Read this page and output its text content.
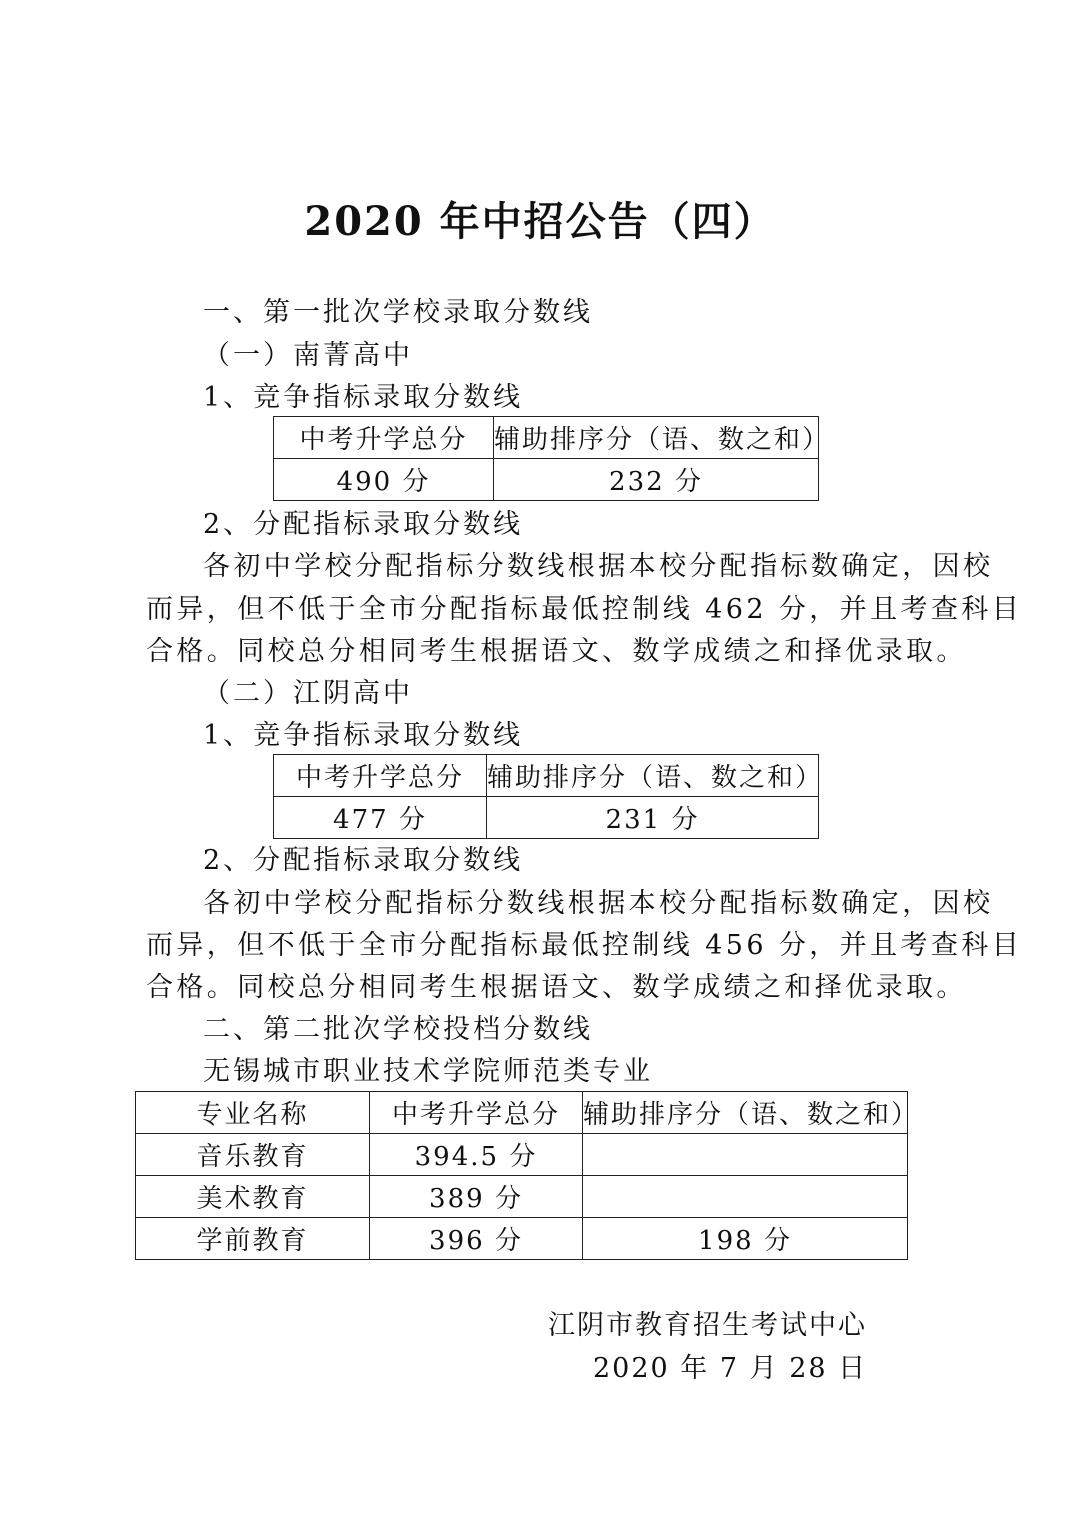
2020 年中招公告（四）
一、第一批次学校录取分数线
（一）南菁高中
1、竞争指标录取分数线
中考升学总分	辅助排序分（语、数之和）
490 分	232 分
2、分配指标录取分数线
各初中学校分配指标分数线根据本校分配指标数确定，因校
而异，但不低于全市分配指标最低控制线 462 分，并且考查科目
合格。同校总分相同考生根据语文、数学成绩之和择优录取。
（二）江阴高中
1、竞争指标录取分数线
中考升学总分	辅助排序分（语、数之和）
477 分	231 分
2、分配指标录取分数线
各初中学校分配指标分数线根据本校分配指标数确定，因校
而异，但不低于全市分配指标最低控制线 456 分，并且考查科目
合格。同校总分相同考生根据语文、数学成绩之和择优录取。
二、第二批次学校投档分数线
无锡城市职业技术学院师范类专业
专业名称	中考升学总分	辅助排序分（语、数之和）
音乐教育	394.5 分	
美术教育	389 分	
学前教育	396 分	198 分
江阴市教育招生考试中心
2020 年 7 月 28 日
